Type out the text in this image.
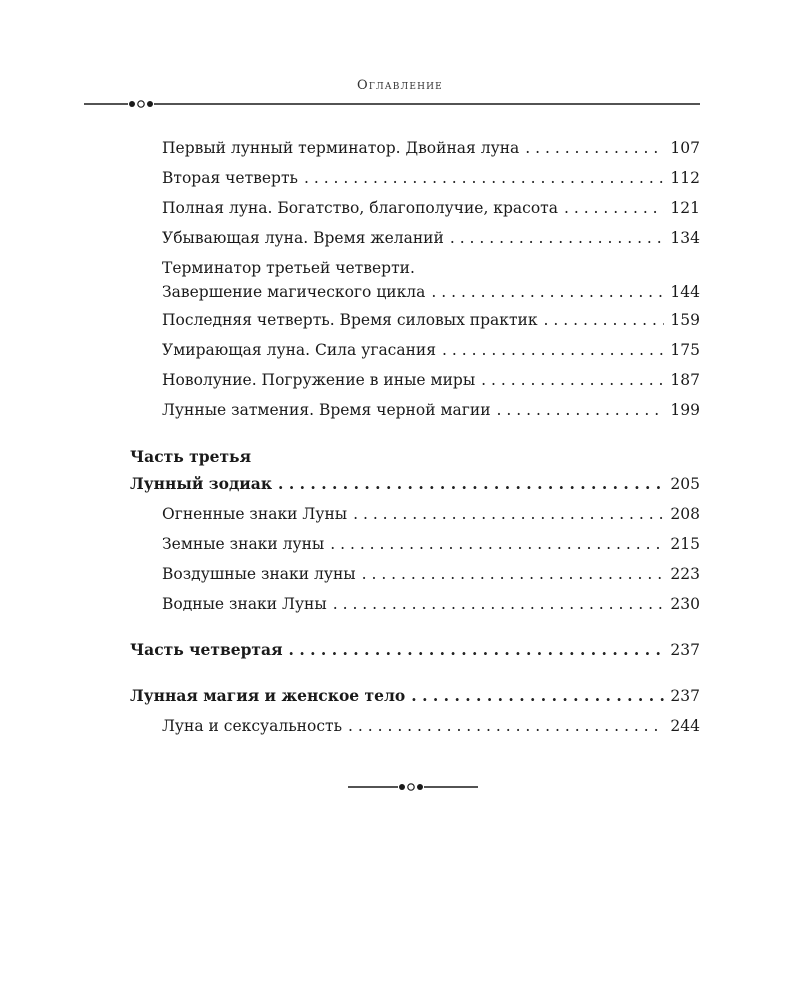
Оглавление
Первый лунный терминатор. Двойная луна . . .	107
Вторая четверть . . .	112
Полная луна. Богатство, благополучие, красота . . .	121
Убывающая луна. Время желаний . . .	134
Терминатор третьей четверти.
Завершение магического цикла . . .	144
Последняя четверть. Время силовых практик . . .	159
Умирающая луна. Сила угасания . . .	175
Новолуние. Погружение в иные миры . . .	187
Лунные затмения. Время черной магии . . .	199
Часть третья
Лунный зодиак . . .	205
Огненные знаки Луны . . .	208
Земные знаки луны . . .	215
Воздушные знаки луны . . .	223
Водные знаки Луны . . .	230
Часть четвертая . . .	237
Лунная магия и женское тело . . .	237
Луна и сексуальность . . .	244
